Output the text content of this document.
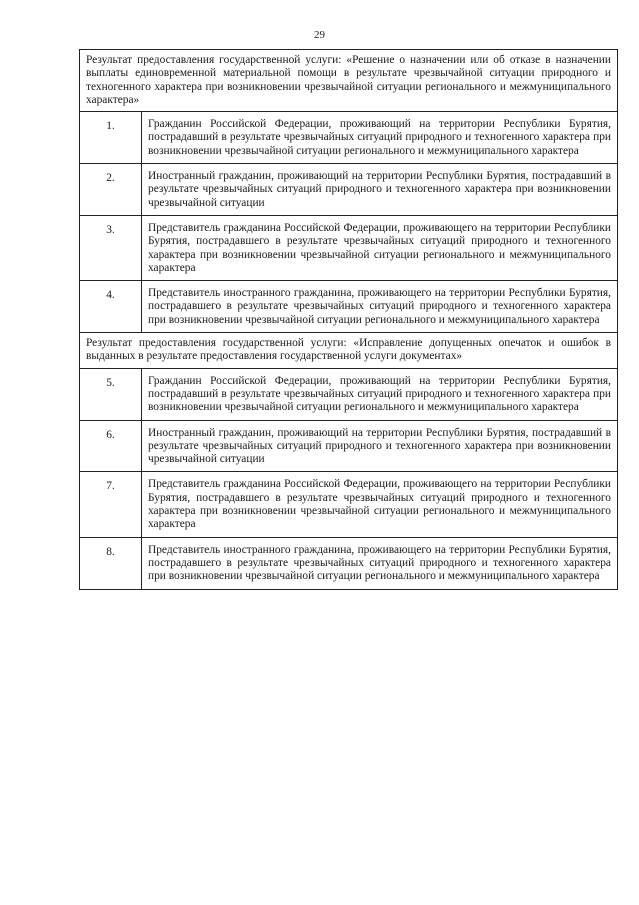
29
Результат предоставления государственной услуги: «Решение о назначении или об отказе в назначении выплаты единовременной материальной помощи в результате чрезвычайной ситуации природного и техногенного характера при возникновении чрезвычайной ситуации регионального и межмуниципального характера»	
	1.	Гражданин Российской Федерации, проживающий на территории Республики Бурятия, пострадавший в результате чрезвычайных ситуаций природного и техногенного характера при возникновении чрезвычайной ситуации регионального и межмуниципального характера
	2.	Иностранный гражданин, проживающий на территории Республики Бурятия, пострадавший в результате чрезвычайных ситуаций природного и техногенного характера при возникновении чрезвычайной ситуации
	3.	Представитель гражданина Российской Федерации, проживающего на территории Республики Бурятия, пострадавшего в результате чрезвычайных ситуаций природного и техногенного характера при возникновении чрезвычайной ситуации регионального и межмуниципального характера
	4.	Представитель иностранного гражданина, проживающего на территории Республики Бурятия, пострадавшего в результате чрезвычайных ситуаций природного и техногенного характера при возникновении чрезвычайной ситуации регионального и межмуниципального характера
Результат предоставления государственной услуги: «Исправление допущенных опечаток и ошибок в выданных в результате предоставления государственной услуги документах»	
	5.	Гражданин Российской Федерации, проживающий на территории Республики Бурятия, пострадавший в результате чрезвычайных ситуаций природного и техногенного характера при возникновении чрезвычайной ситуации регионального и межмуниципального характера
	6.	Иностранный гражданин, проживающий на территории Республики Бурятия, пострадавший в результате чрезвычайных ситуаций природного и техногенного характера при возникновении чрезвычайной ситуации
	7.	Представитель гражданина Российской Федерации, проживающего на территории Республики Бурятия, пострадавшего в результате чрезвычайных ситуаций природного и техногенного характера при возникновении чрезвычайной ситуации регионального и межмуниципального характера
	8.	Представитель иностранного гражданина, проживающего на территории Республики Бурятия, пострадавшего в результате чрезвычайных ситуаций природного и техногенного характера при возникновении чрезвычайной ситуации регионального и межмуниципального характера
